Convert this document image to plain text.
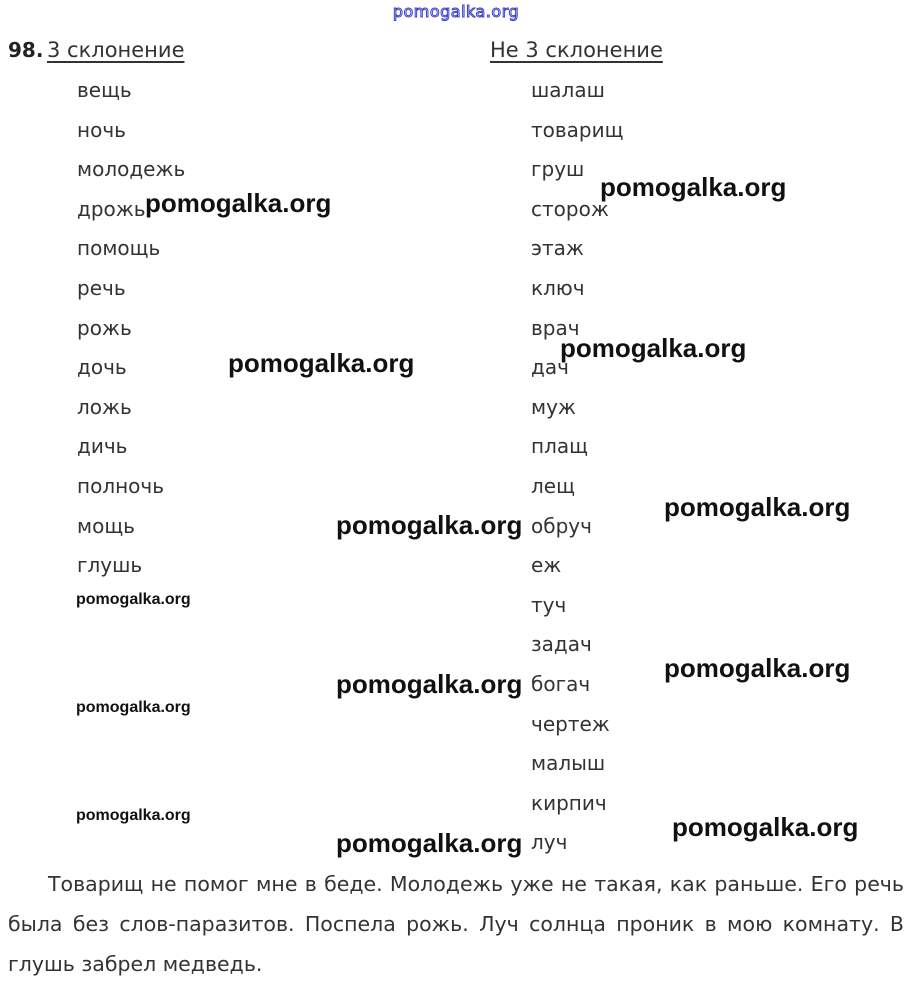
pomogalka.org
98. 3 склонение	Не 3 склонение
вещь
ночь
молодежь
дрожь
помощь
речь
рожь
дочь
ложь
дичь
полночь
мощь
глушь
шалаш
товарищ
груш
сторож
этаж
ключ
врач
дач
муж
плащ
лещ
обруч
еж
туч
задач
богач
чертеж
малыш
кирпич
луч
pomogalka.org
pomogalka.org
pomogalka.org	pomogalka.org
pomogalka.org
pomogalka.org
pomogalka.org
pomogalka.org
pomogalka.org
pomogalka.org
pomogalka.org
pomogalka.org
pomogalka.org

Товарищ не помог мне в беде. Молодежь уже не такая, как раньше. Его речь была без слов-паразитов. Поспела рожь. Луч солнца проник в мою комнату. В глушь забрел медведь.
